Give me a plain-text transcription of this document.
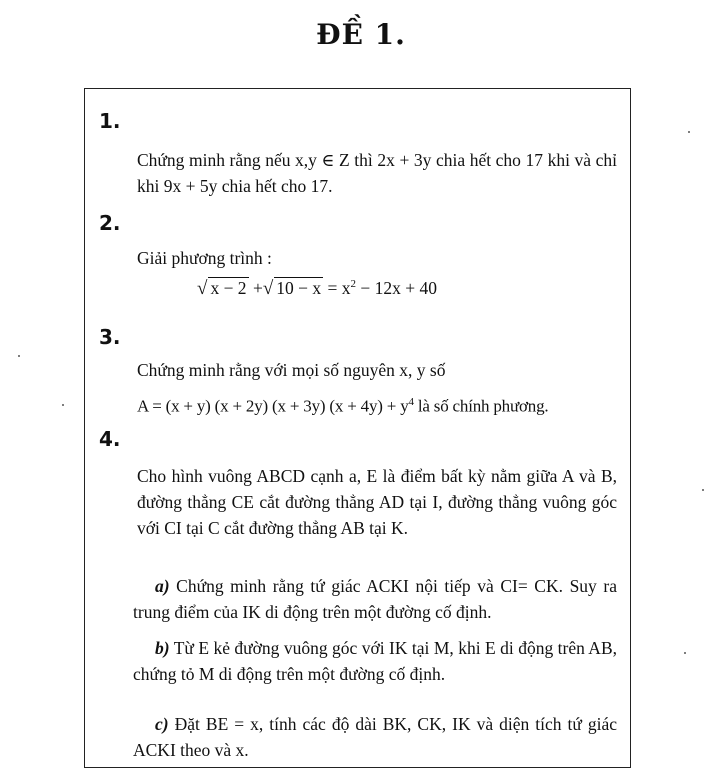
ĐỀ 1.
1.
Chứng minh rằng nếu x,y ∈ Z thì 2x + 3y chia hết cho 17 khi và chỉ khi 9x + 5y chia hết cho 17.
2.
Giải phương trình :
√ x − 2 +√ $10 - x = x^2 - 12x + 40$
3.
Chứng minh rằng với mọi số nguyên x, y số
A = (x + y) (x + 2y) (x + 3y) $(x + 4y) + y^4$ là số chính phương.
4.
Cho hình vuông ABCD cạnh a, E là điểm bất kỳ nằm giữa A và B, đường thẳng CE cắt đường thẳng AD tại I, đường thẳng vuông góc với CI tại C cắt đường thẳng AB tại K.
a) Chứng minh rằng tứ giác ACKI nội tiếp và CI= CK. Suy ra trung điểm của IK di động trên một đường cố định.
b) Từ E kẻ đường vuông góc với IK tại M, khi E di động trên AB, chứng tỏ M di động trên một đường cố định.
c) Đặt BE = x, tính các độ dài BK, CK, IK và diện tích tứ giác ACKI theo và x.
